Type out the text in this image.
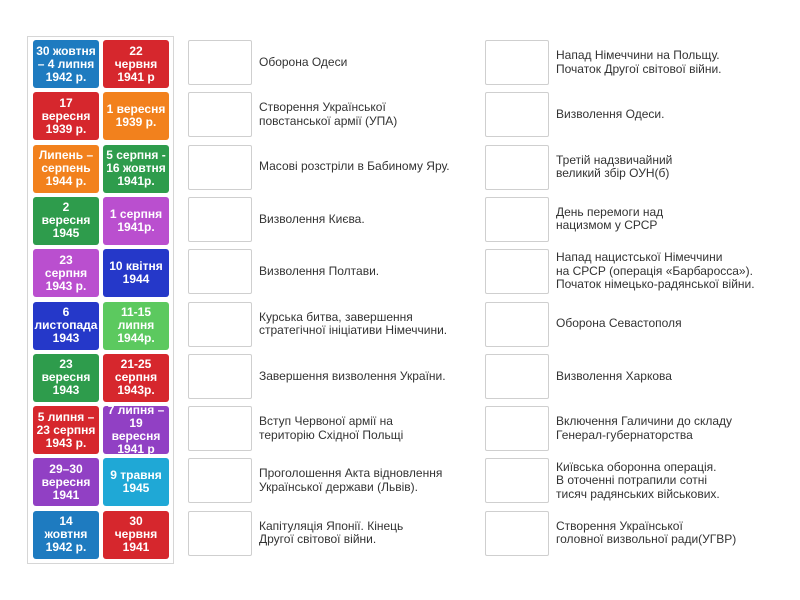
30 жовтня
– 4 липня
1942 р.
22
червня
1941 р
17
вересня
1939 р.
1 вересня
1939 р.
Липень –
серпень
1944 р.
5 серпня -
16 жовтня
1941р.
2
вересня
1945
1 серпня
1941р.
23
серпня
1943 р.
10 квітня
1944
6
листопада
1943
11-15
липня
1944р.
23
вересня
1943
21-25
серпня
1943р.
5 липня –
23 серпня
1943 р.
7 липня –
19 вересня
1941 р
29–30
вересня
1941
9 травня
1945
14
жовтня
1942 р.
30
червня
1941
Оборона Одеси
Створення Української
повстанської армії (УПА)
Масові розстріли в Бабиному Яру.
Визволення Києва.
Визволення Полтави.
Курська битва, завершення
стратегічної ініціативи Німеччини.
Завершення визволення України.
Вступ Червоної армії на
територію Східної Польщі
Проголошення Акта відновлення
Української держави (Львів).
Капітуляція Японії. Кінець
Другої світової війни.
Напад Німеччини на Польщу.
Початок Другої світової війни.
Визволення Одеси.
Третій надзвичайний
великий збір ОУН(б)
День перемоги над
нацизмом у СРСР
Напад нацистської Німеччини
на СРСР (операція «Барбаросса»).
Початок німецько-радянської війни.
Оборона Севастополя
Визволення Харкова
Включення Галичини до складу
Генерал-губернаторства
Київська оборонна операція.
В оточенні потрапили сотні
тисяч радянських військових.
Створення Української
головної визвольної ради(УГВР)
